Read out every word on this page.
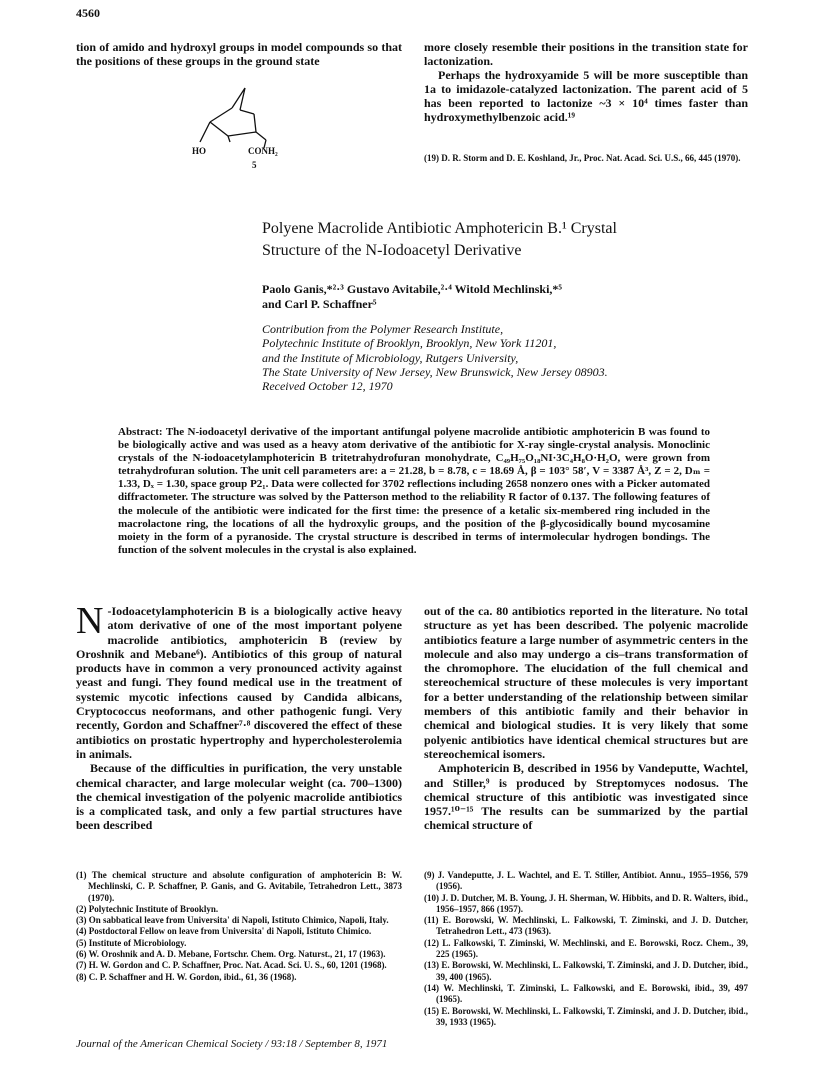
4560
tion of amido and hydroxyl groups in model compounds so that the positions of these groups in the ground state
HO	CONH₂
5

more closely resemble their positions in the transition state for lactonization.

Perhaps the hydroxyamide 5 will be more susceptible than 1a to imidazole-catalyzed lactonization. The parent acid of 5 has been reported to lactonize ~3 × 10⁴ times faster than hydroxymethylbenzoic acid.¹⁹

(19) D. R. Storm and D. E. Koshland, Jr., Proc. Nat. Acad. Sci. U.S., 66, 445 (1970).
Polyene Macrolide Antibiotic Amphotericin B.¹ Crystal
Structure of the N-Iodoacetyl Derivative
Paolo Ganis,*²·³ Gustavo Avitabile,²·⁴ Witold Mechlinski,*⁵
and Carl P. Schaffner⁵
Contribution from the Polymer Research Institute,
Polytechnic Institute of Brooklyn, Brooklyn, New York 11201,
and the Institute of Microbiology, Rutgers University,
The State University of New Jersey, New Brunswick, New Jersey 08903.
Received October 12, 1970
Abstract: The N-iodoacetyl derivative of the important antifungal polyene macrolide antibiotic amphotericin B was found to be biologically active and was used as a heavy atom derivative of the antibiotic for X-ray single-crystal analysis. Monoclinic crystals of the N-iodoacetylamphotericin B tritetrahydrofuran monohydrate, C₄₉H₇₅O₁₈NI·3C₄H₈O·H₂O, were grown from tetrahydrofuran solution. The unit cell parameters are: a = 21.28, b = 8.78, c = 18.69 Å, β = 103° 58′, V = 3387 Å³, Z = 2, Dₘ = 1.33, Dₓ = 1.30, space group P2₁. Data were collected for 3702 reflections including 2658 nonzero ones with a Picker automated diffractometer. The structure was solved by the Patterson method to the reliability R factor of 0.137. The following features of the molecule of the antibiotic were indicated for the first time: the presence of a ketalic six-membered ring included in the macrolactone ring, the locations of all the hydroxylic groups, and the position of the β-glycosidically bound mycosamine moiety in the form of a pyranoside. The crystal structure is described in terms of intermolecular hydrogen bondings. The function of the solvent molecules in the crystal is also explained.

N -Iodoacetylamphotericin B is a biologically active heavy atom derivative of one of the most important polyene macrolide antibiotics, amphotericin B (review by Oroshnik and Mebane⁶). Antibiotics of this group of natural products have in common a very pronounced activity against yeast and fungi. They found medical use in the treatment of systemic mycotic infections caused by Candida albicans, Cryptococcus neoformans, and other pathogenic fungi. Very recently, Gordon and Schaffner⁷·⁸ discovered the effect of these antibiotics on prostatic hypertrophy and hypercholesterolemia in animals.

Because of the difficulties in purification, the very unstable chemical character, and large molecular weight (ca. 700–1300) the chemical investigation of the polyenic macrolide antibiotics is a complicated task, and only a few partial structures have been described

out of the ca. 80 antibiotics reported in the literature. No total structure as yet has been described. The polyenic macrolide antibiotics feature a large number of asymmetric centers in the molecule and also may undergo a cis–trans transformation of the chromophore. The elucidation of the full chemical and stereochemical structure of these molecules is very important for a better understanding of the relationship between similar members of this antibiotic family and their behavior in chemical and biological studies. It is very likely that some polyenic antibiotics have identical chemical structures but are stereochemical isomers.

Amphotericin B, described in 1956 by Vandeputte, Wachtel, and Stiller,⁹ is produced by Streptomyces nodosus. The chemical structure of this antibiotic was investigated since 1957.¹⁰⁻¹⁵ The results can be summarized by the partial chemical structure of

(1) The chemical structure and absolute configuration of amphotericin B: W. Mechlinski, C. P. Schaffner, P. Ganis, and G. Avitabile, Tetrahedron Lett., 3873 (1970).
(2) Polytechnic Institute of Brooklyn.
(3) On sabbatical leave from Universita' di Napoli, Istituto Chimico, Napoli, Italy.
(4) Postdoctoral Fellow on leave from Universita' di Napoli, Istituto Chimico.
(5) Institute of Microbiology.
(6) W. Oroshnik and A. D. Mebane, Fortschr. Chem. Org. Naturst., 21, 17 (1963).
(7) H. W. Gordon and C. P. Schaffner, Proc. Nat. Acad. Sci. U. S., 60, 1201 (1968).
(8) C. P. Schaffner and H. W. Gordon, ibid., 61, 36 (1968).
(9) J. Vandeputte, J. L. Wachtel, and E. T. Stiller, Antibiot. Annu., 1955–1956, 579 (1956).
(10) J. D. Dutcher, M. B. Young, J. H. Sherman, W. Hibbits, and D. R. Walters, ibid., 1956–1957, 866 (1957).
(11) E. Borowski, W. Mechlinski, L. Falkowski, T. Ziminski, and J. D. Dutcher, Tetrahedron Lett., 473 (1963).
(12) L. Falkowski, T. Ziminski, W. Mechlinski, and E. Borowski, Rocz. Chem., 39, 225 (1965).
(13) E. Borowski, W. Mechlinski, L. Falkowski, T. Ziminski, and J. D. Dutcher, ibid., 39, 400 (1965).
(14) W. Mechlinski, T. Ziminski, L. Falkowski, and E. Borowski, ibid., 39, 497 (1965).
(15) E. Borowski, W. Mechlinski, L. Falkowski, T. Ziminski, and J. D. Dutcher, ibid., 39, 1933 (1965).
Journal of the American Chemical Society / 93:18 / September 8, 1971
